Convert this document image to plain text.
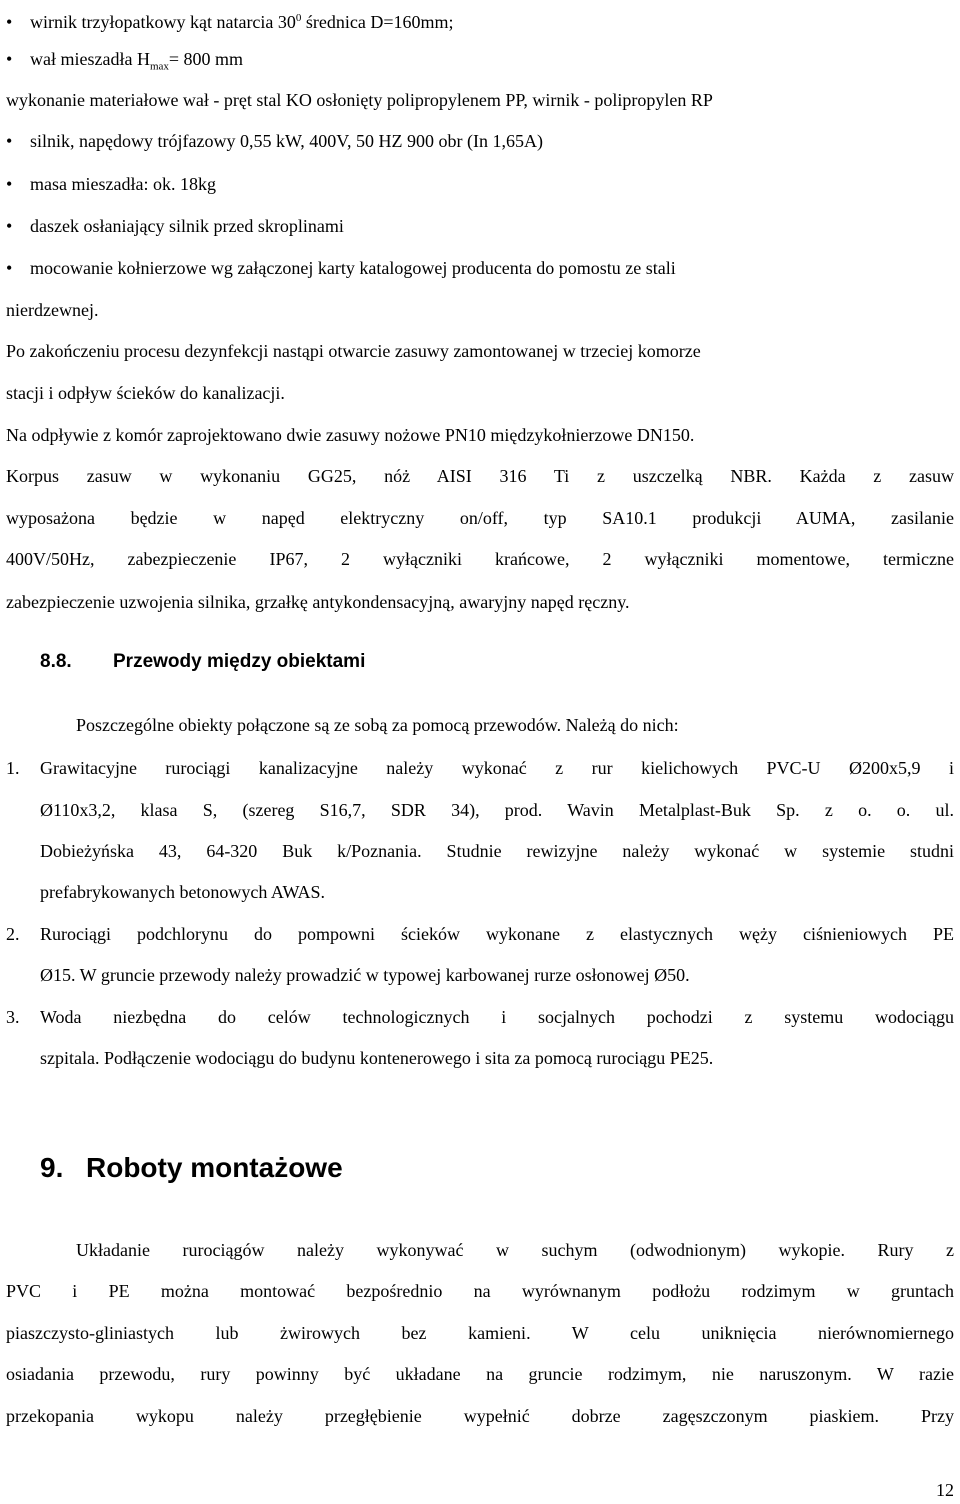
• wirnik trzyłopatkowy kąt natarcia $30^0$ średnica D=160mm;
• wał mieszadła $H_{max}= 800$ mm
wykonanie materiałowe wał - pręt stal KO osłonięty polipropylenem PP, wirnik - polipropylen RP
• silnik, napędowy trójfazowy 0,55 kW, 400V, 50 HZ 900 obr (In 1,65A)
• masa mieszadła: ok. 18kg
• daszek osłaniający silnik przed skroplinami
• mocowanie kołnierzowe wg załączonej karty katalogowej producenta do pomostu ze stali
nierdzewnej.
Po zakończeniu procesu dezynfekcji nastąpi otwarcie zasuwy zamontowanej w trzeciej komorze
stacji i odpływ ścieków do kanalizacji.
Na odpływie z komór zaprojektowano dwie zasuwy nożowe PN10 międzykołnierzowe DN150.
Korpus zasuw w wykonaniu GG25, nóż AISI 316 Ti z uszczelką NBR. Każda z zasuw
wyposażona będzie w napęd elektryczny on/off, typ SA10.1 produkcji AUMA, zasilanie
400V/50Hz, zabezpieczenie IP67, 2 wyłączniki krańcowe, 2 wyłączniki momentowe, termiczne
zabezpieczenie uzwojenia silnika, grzałkę antykondensacyjną, awaryjny napęd ręczny.
8.8. Przewody między obiektami
Poszczególne obiekty połączone są ze sobą za pomocą przewodów. Należą do nich:
1. Grawitacyjne rurociągi kanalizacyjne należy wykonać z rur kielichowych PVC-U Ø200x5,9 i
Ø110x3,2, klasa S, (szereg S16,7, SDR 34), prod. Wavin Metalplast-Buk Sp. z o. o. ul.
Dobieżyńska 43, 64-320 Buk k/Poznania. Studnie rewizyjne należy wykonać w systemie studni
prefabrykowanych betonowych AWAS.
2. Rurociągi podchlorynu do pompowni ścieków wykonane z elastycznych węży ciśnieniowych PE
Ø15. W gruncie przewody należy prowadzić w typowej karbowanej rurze osłonowej Ø50.
3. Woda niezbędna do celów technologicznych i socjalnych pochodzi z systemu wodociągu
szpitala. Podłączenie wodociągu do budynu kontenerowego i sita za pomocą rurociągu PE25.
9. Roboty montażowe
Układanie rurociągów należy wykonywać w suchym (odwodnionym) wykopie. Rury z
PVC i PE można montować bezpośrednio na wyrównanym podłożu rodzimym w gruntach
piaszczysto-gliniastych lub żwirowych bez kamieni. W celu uniknięcia nierównomiernego
osiadania przewodu, rury powinny być układane na gruncie rodzimym, nie naruszonym. W razie
przekopania wykopu należy przegłębienie wypełnić dobrze zagęszczonym piaskiem. Przy
12
